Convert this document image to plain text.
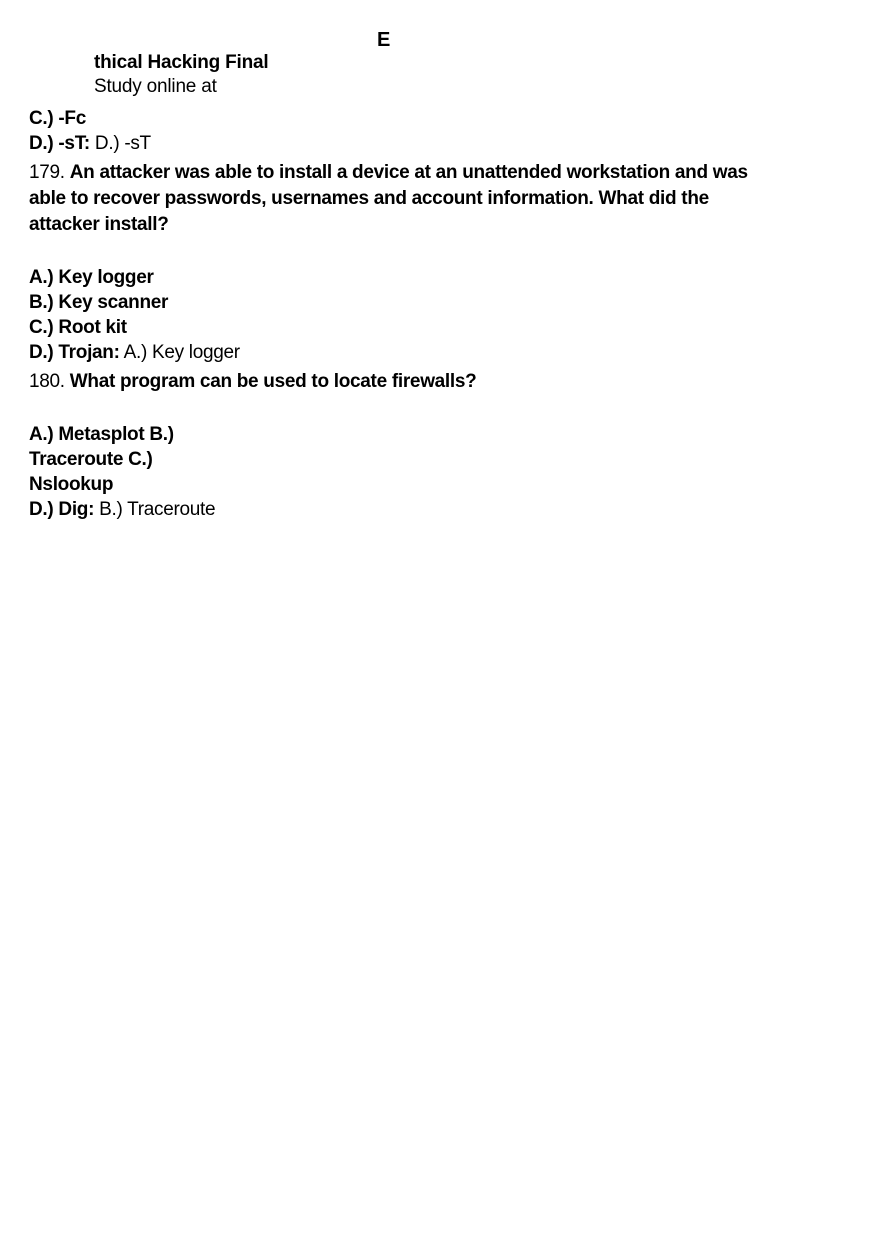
E
thical Hacking Final
Study online at
C.) -Fc
D.) -sT: D.) -sT
179. An attacker was able to install a device at an unattended workstation and was able to recover passwords, usernames and account information. What did the attacker install?
A.) Key logger
B.) Key scanner
C.) Root kit
D.) Trojan: A.) Key logger
180. What program can be used to locate firewalls?
A.) Metasplot B.)
Traceroute C.)
Nslookup
D.) Dig: B.) Traceroute
